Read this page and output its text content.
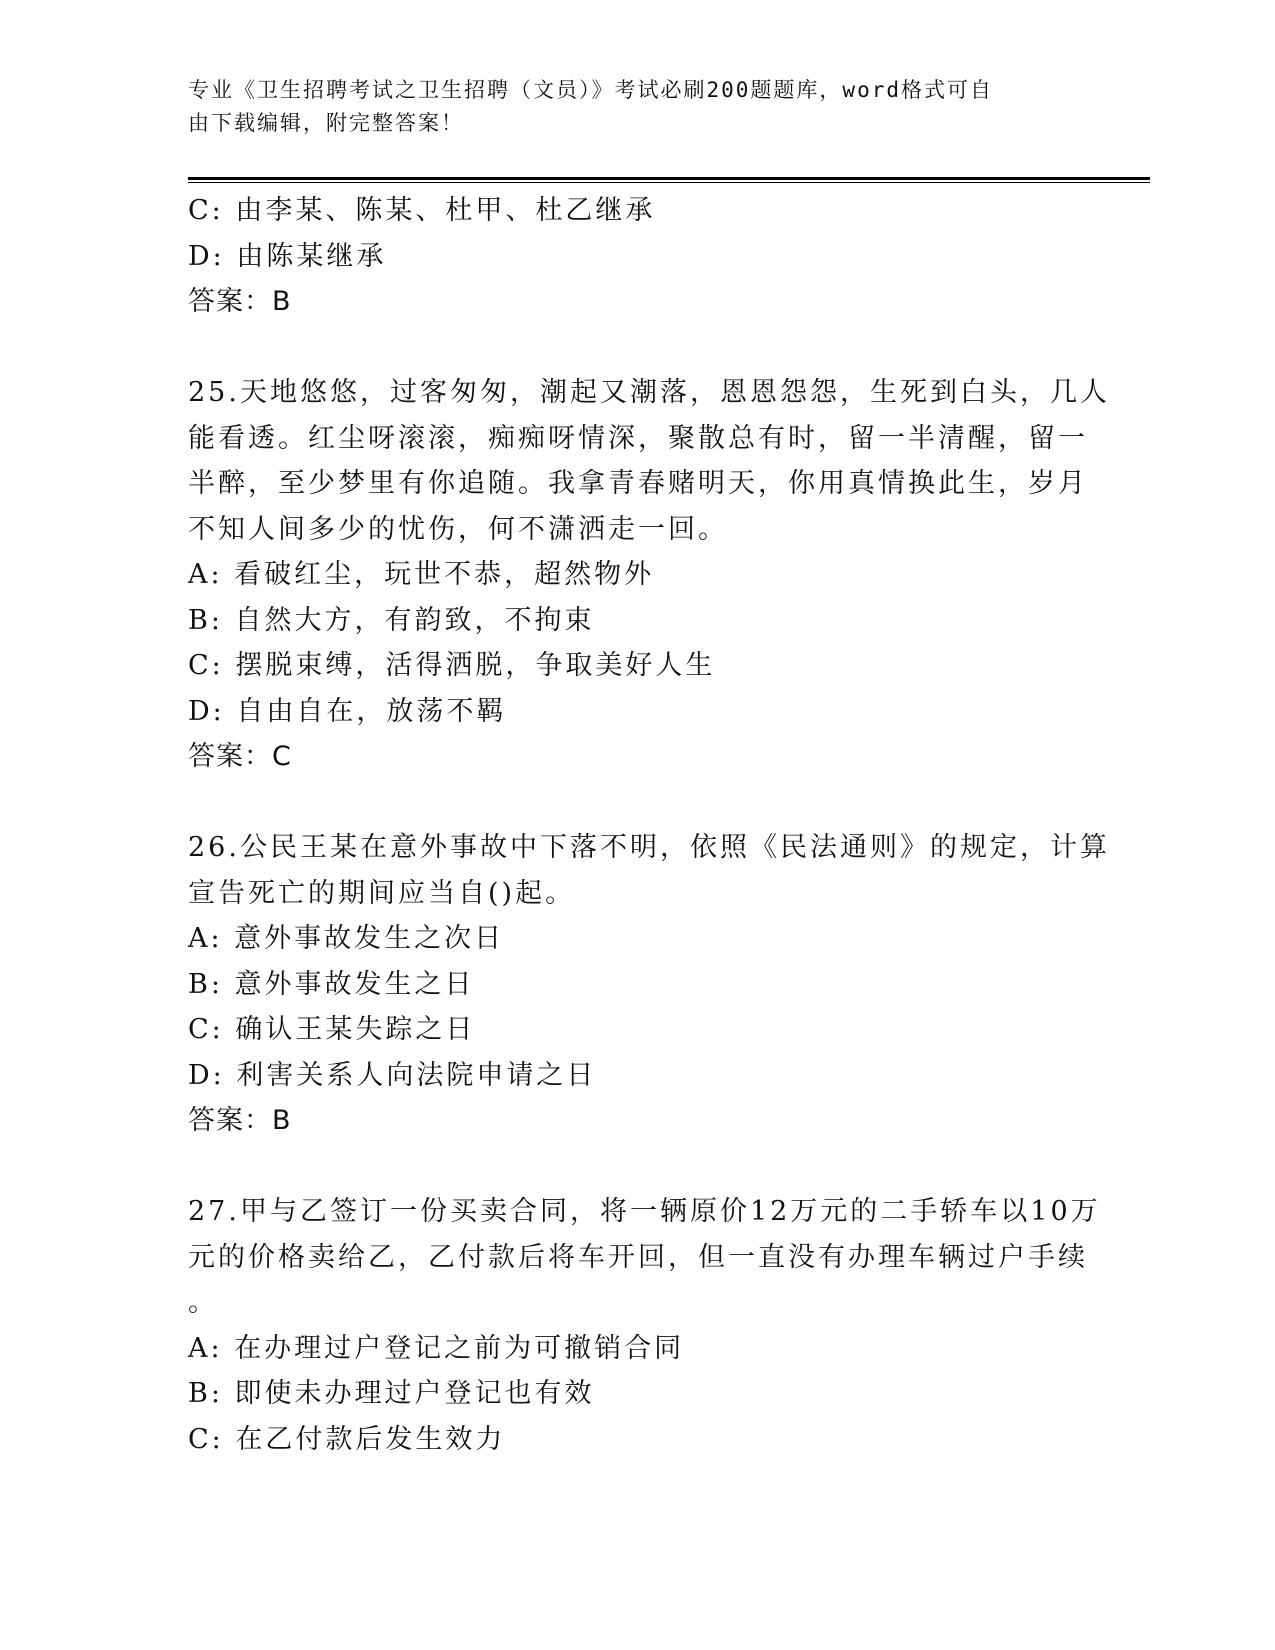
专业《卫生招聘考试之卫生招聘（文员）》考试必刷200题题库，word格式可自
由下载编辑，附完整答案！
C: 由李某、陈某、杜甲、杜乙继承
D: 由陈某继承
答案：B
25.天地悠悠，过客匆匆，潮起又潮落，恩恩怨怨，生死到白头，几人
能看透。红尘呀滚滚，痴痴呀情深，聚散总有时，留一半清醒，留一
半醉，至少梦里有你追随。我拿青春赌明天，你用真情换此生，岁月
不知人间多少的忧伤，何不潇洒走一回。
A: 看破红尘，玩世不恭，超然物外
B: 自然大方，有韵致，不拘束
C: 摆脱束缚，活得洒脱，争取美好人生
D: 自由自在，放荡不羁
答案：C
26.公民王某在意外事故中下落不明，依照《民法通则》的规定，计算
宣告死亡的期间应当自()起。
A: 意外事故发生之次日
B: 意外事故发生之日
C: 确认王某失踪之日
D: 利害关系人向法院申请之日
答案：B
27.甲与乙签订一份买卖合同，将一辆原价12万元的二手轿车以10万
元的价格卖给乙，乙付款后将车开回，但一直没有办理车辆过户手续
。
A: 在办理过户登记之前为可撤销合同
B: 即使未办理过户登记也有效
C: 在乙付款后发生效力
